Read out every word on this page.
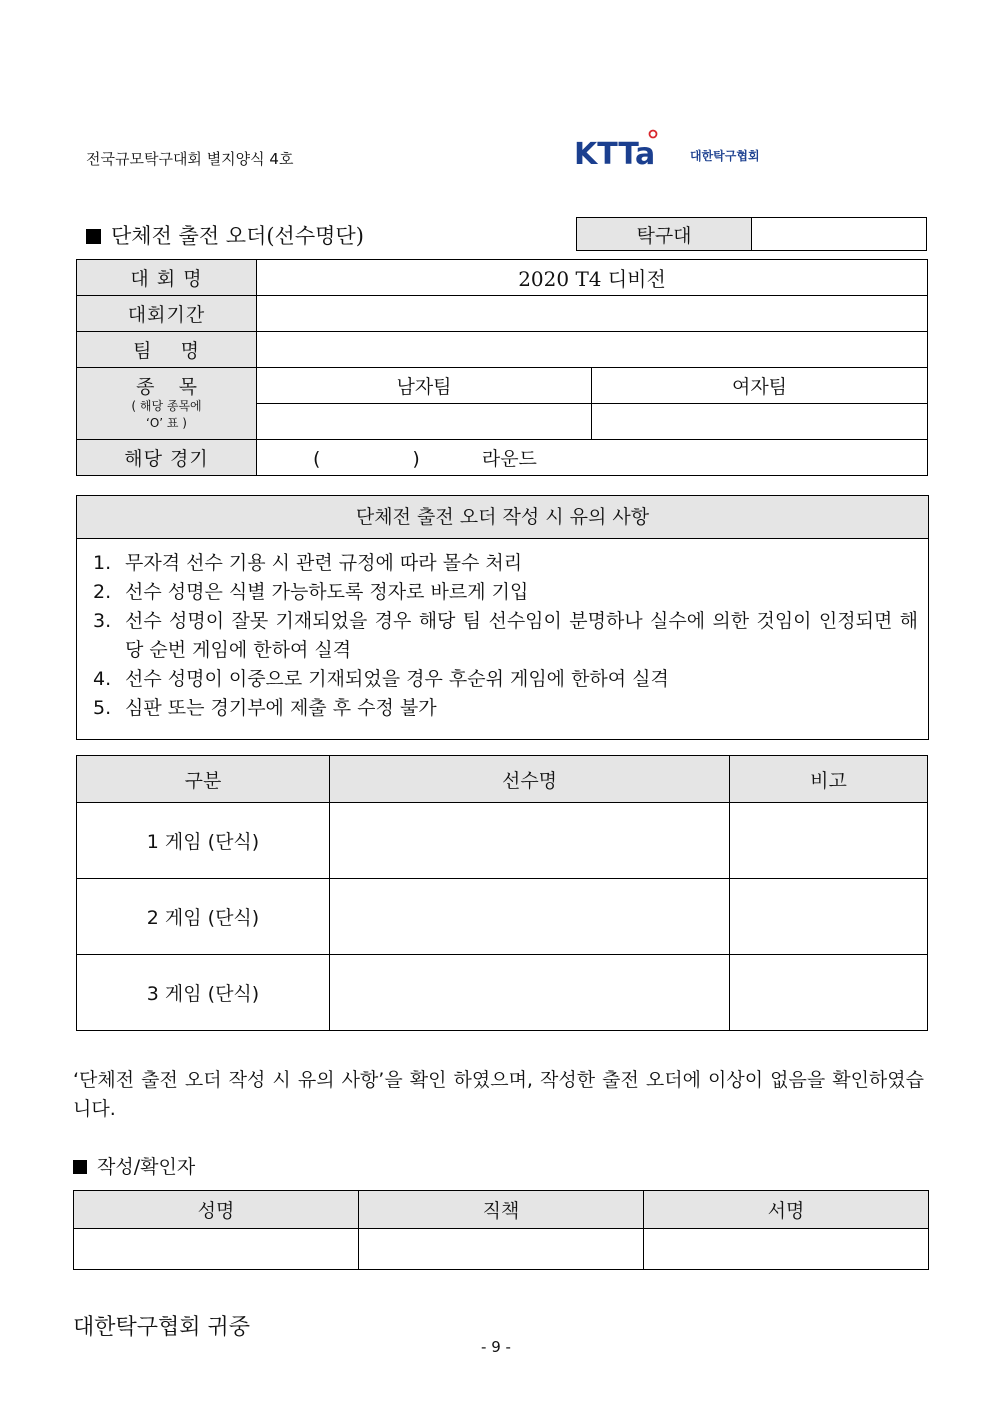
전국규모탁구대회 별지양식 4호	KTTa	대한탁구협회
단체전 출전 오더(선수명단)	탁구대	
대 회 명	2020 T4 디비전	
대회기간		
팀    명		

종    목
( 해당 종목에
‘O’ 표 )	남자팀	여자팀

해당 경기	( ) 라운드	
단체전 출전 오더 작성 시 유의 사항
1. 무자격 선수 기용 시 관련 규정에 따라 몰수 처리
2. 선수 성명은 식별 가능하도록 정자로 바르게 기입
3. 선수 성명이 잘못 기재되었을 경우 해당 팀 선수임이 분명하나 실수에 의한 것임이 인정되면 해당 순번 게임에 한하여 실격
4. 선수 성명이 이중으로 기재되었을 경우 후순위 게임에 한하여 실격
5. 심판 또는 경기부에 제출 후 수정 불가
구분	선수명	비고
1 게임 (단식)		
2 게임 (단식)		
3 게임 (단식)		
‘단체전 출전 오더 작성 시 유의 사항’을 확인 하였으며, 작성한 출전 오더에 이상이 없음을 확인하였습니다.
작성/확인자
성명	직책	서명

대한탁구협회 귀중
- 9 -
